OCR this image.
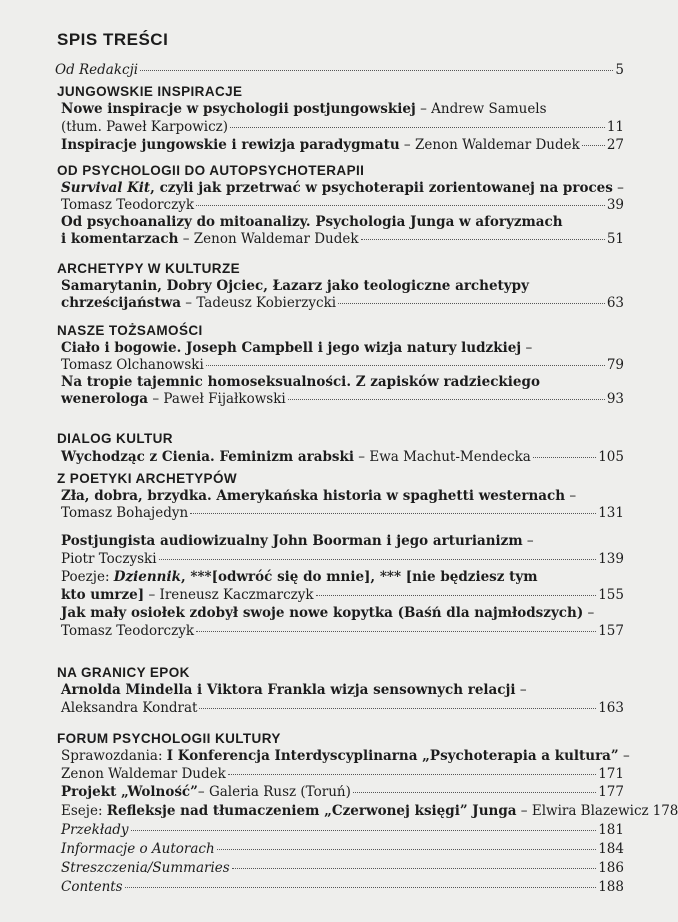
SPIS TREŚCI
Od Redakcji	5
JUNGOWSKIE INSPIRACJE
Nowe inspiracje w psychologii postjungowskiej – Andrew Samuels
(tłum. Paweł Karpowicz)	11
Inspiracje jungowskie i rewizja paradygmatu – Zenon Waldemar Dudek 27
OD PSYCHOLOGII DO AUTOPSYCHOTERAPII
Survival Kit, czyli jak przetrwać w psychoterapii zorientowanej na proces –
Tomasz Teodorczyk	39
Od psychoanalizy do mitoanalizy. Psychologia Junga w aforyzmach
i komentarzach – Zenon Waldemar Dudek	51
ARCHETYPY W KULTURZE
Samarytanin, Dobry Ojciec, Łazarz jako teologiczne archetypy
chrześcijaństwa – Tadeusz Kobierzycki	63
NASZE TOŻSAMOŚCI
Ciało i bogowie. Joseph Campbell i jego wizja natury ludzkiej –
Tomasz Olchanowski	79
Na tropie tajemnic homoseksualności. Z zapisków radzieckiego
wenerologa – Paweł Fijałkowski	93
DIALOG KULTUR
Wychodząc z Cienia. Feminizm arabski – Ewa Machut-Mendecka	105
Z POETYKI ARCHETYPÓW
Zła, dobra, brzydka. Amerykańska historia w spaghetti westernach –
Tomasz Bohajedyn	131
Postjungista audiowizualny John Boorman i jego arturianizm –
Piotr Toczyski	139
Poezje: Dziennik, ***[odwróć się do mnie], *** [nie będziesz tym
kto umrze] – Ireneusz Kaczmarczyk	155
Jak mały osiołek zdobył swoje nowe kopytka (Baśń dla najmłodszych) –
Tomasz Teodorczyk	157
NA GRANICY EPOK
Arnolda Mindella i Viktora Frankla wizja sensownych relacji –
Aleksandra Kondrat	163
FORUM PSYCHOLOGII KULTURY
Sprawozdania: I Konferencja Interdyscyplinarna „Psychoterapia a kultura” –
Zenon Waldemar Dudek	171
Projekt „Wolność”– Galeria Rusz (Toruń)	177
Eseje: Refleksje nad tłumaczeniem „Czerwonej księgi” Junga – Elwira Blazewicz 178
Przekłady	181
Informacje o Autorach	184
Streszczenia/Summaries	186
Contents	188
